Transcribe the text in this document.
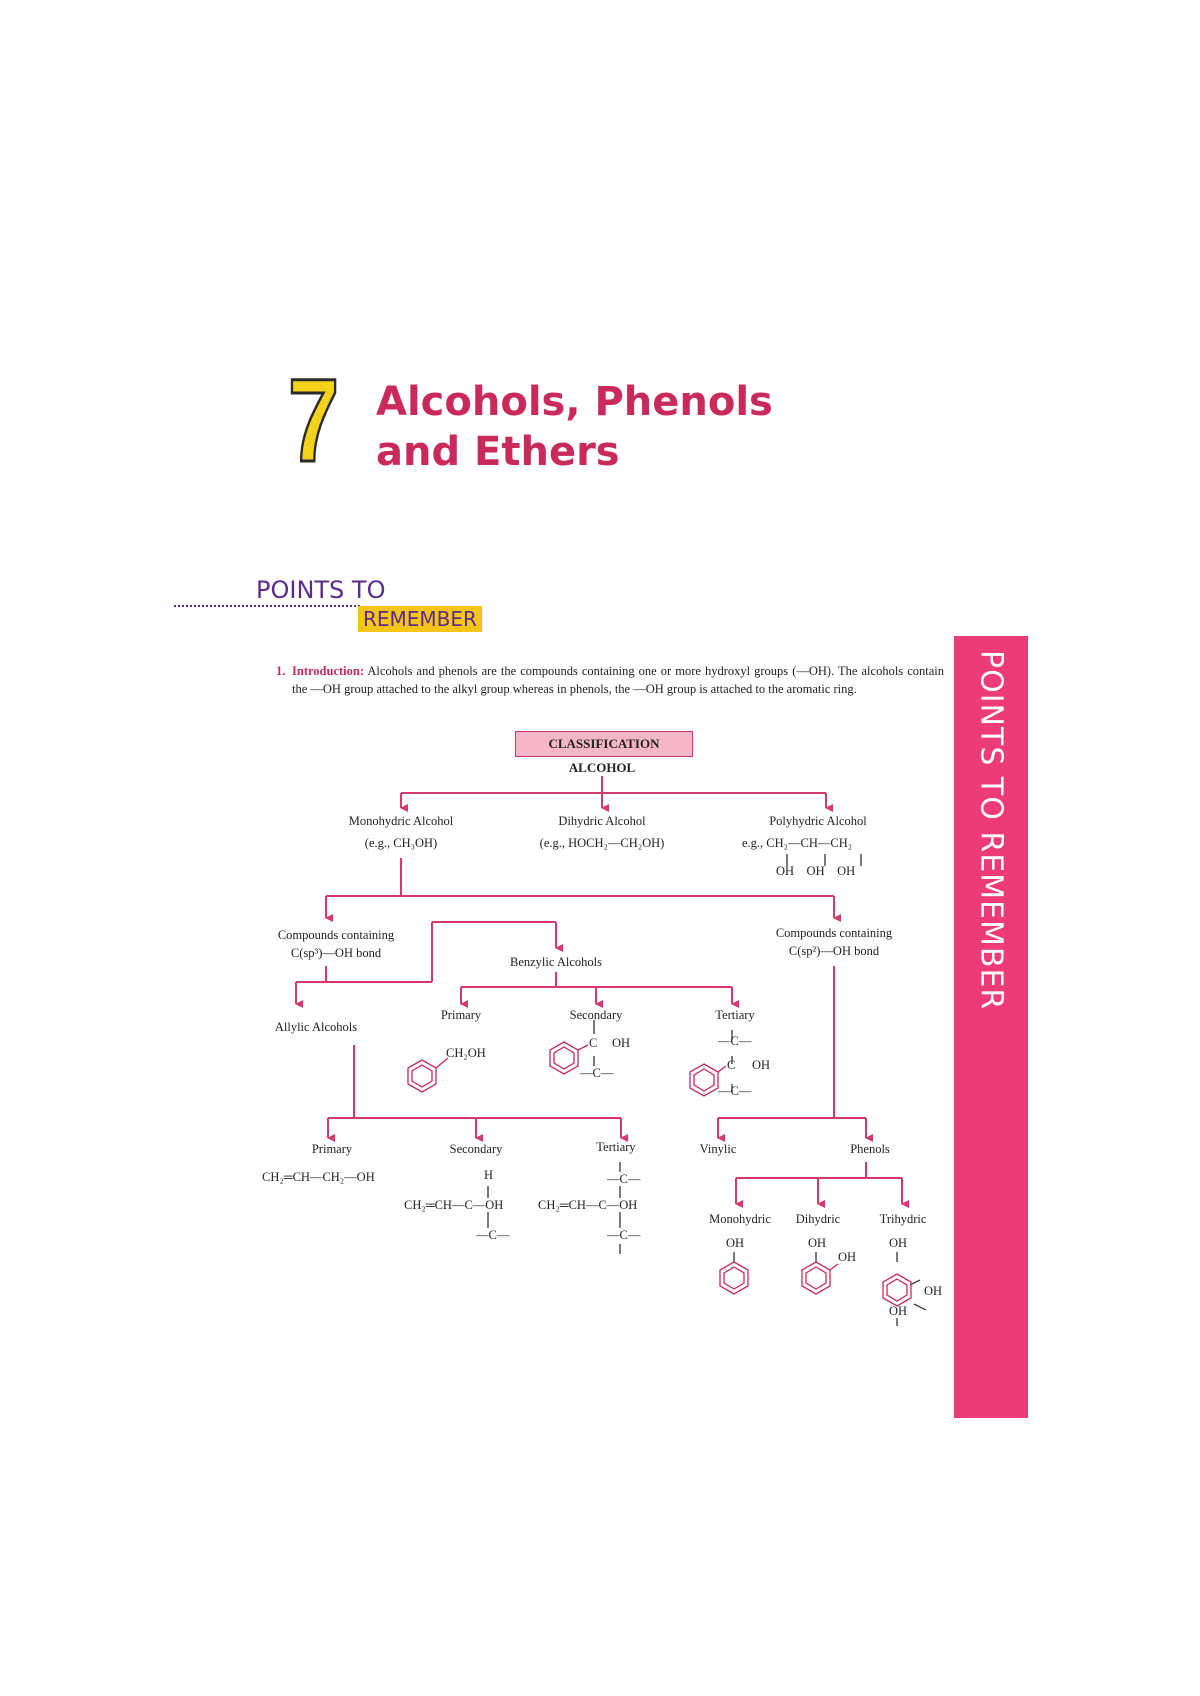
7 Alcohols, Phenols
and Ethers
POINTS TO
REMEMBER
POINTS TO REMEMBER
1. Introduction: Alcohols and phenols are the compounds containing one or more hydroxyl groups (—OH). The alcohols contain the —OH group attached to the alkyl group whereas in phenols, the —OH group is attached to the aromatic ring.
CLASSIFICATION
ALCOHOL
Monohydric Alcohol
(e.g., CH₃OH)
Dihydric Alcohol
(e.g., HOCH₂—CH₂OH)
Polyhydric Alcohol
e.g., CH₂—CH—CH₂
OH    OH    OH
Compounds containing
C(sp³)—OH bond
Compounds containing
C(sp²)—OH bond
Benzylic Alcohols
Allylic Alcohols
Primary	Secondary	Tertiary
CH₂OH
C OH
—C—
—C—
C OH
—C—
Primary	Secondary	Tertiary
CH₂═CH—CH₂—OH	H
CH₂═CH—C—OH
—C—
—C—
CH₂═CH—C—OH
—C—
Vinylic	Phenols
Monohydric Dihydric	Trihydric
OH	OH
OH
OH
OH
OH
